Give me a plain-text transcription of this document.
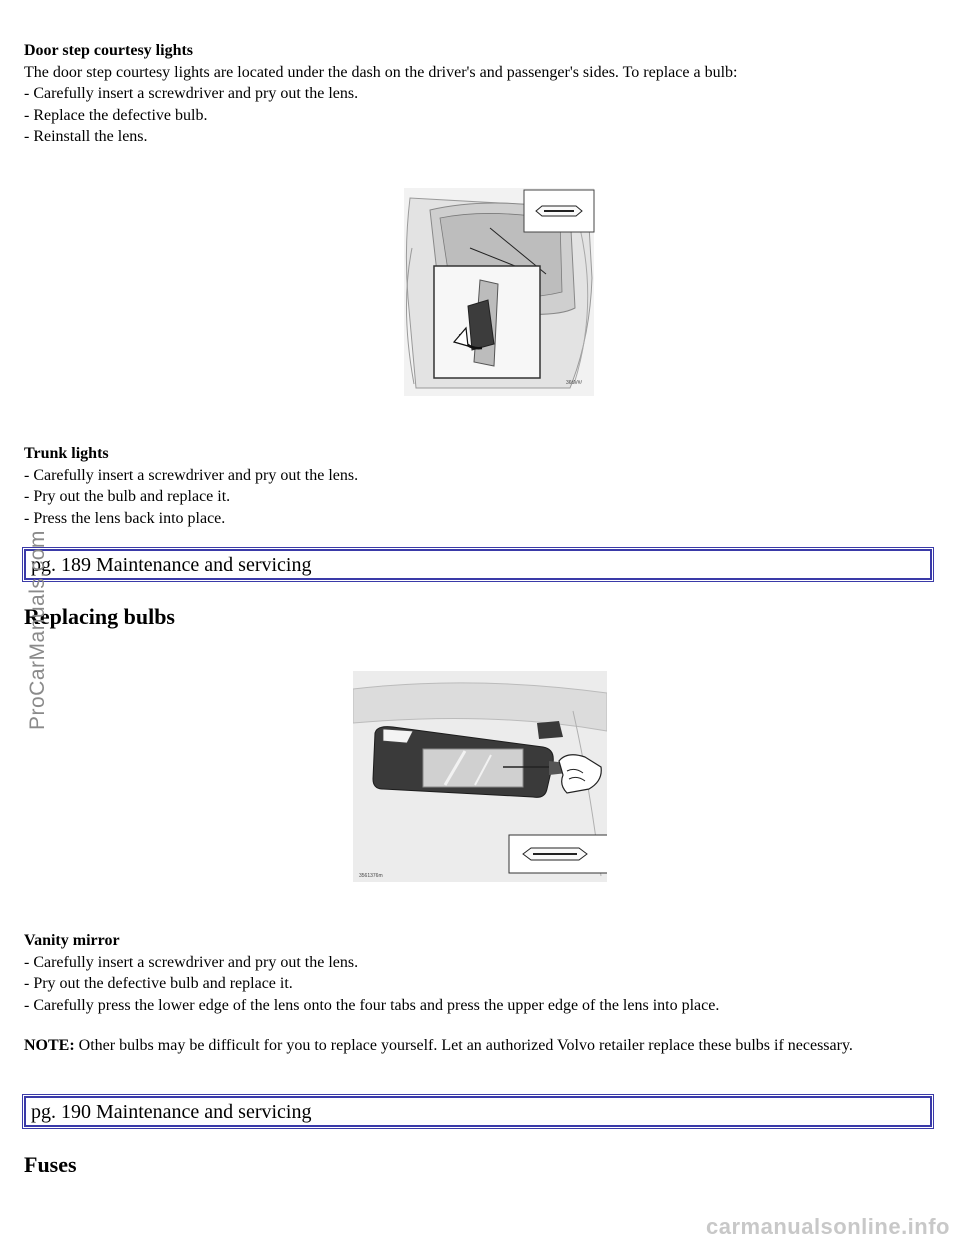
Door step courtesy lights

The door step courtesy lights are located under the dash on the driver's and passenger's sides. To replace a bulb:

- Carefully insert a screwdriver and pry out the lens.

- Replace the defective bulb.

- Reinstall the lens.

36t/V#/

Trunk lights

- Carefully insert a screwdriver and pry out the lens.

- Pry out the bulb and replace it.

- Press the lens back into place.

pg. 189 Maintenance and servicing
Replacing bulbs
3561376m

Vanity mirror

- Carefully insert a screwdriver and pry out the lens.

- Pry out the defective bulb and replace it.

- Carefully press the lower edge of the lens onto the four tabs and press the upper edge of the lens into place.

NOTE: Other bulbs may be difficult for you to replace yourself. Let an authorized Volvo retailer replace these bulbs if necessary.
pg. 190 Maintenance and servicing
Fuses
ProCarManuals.com
carmanualsonline.info
